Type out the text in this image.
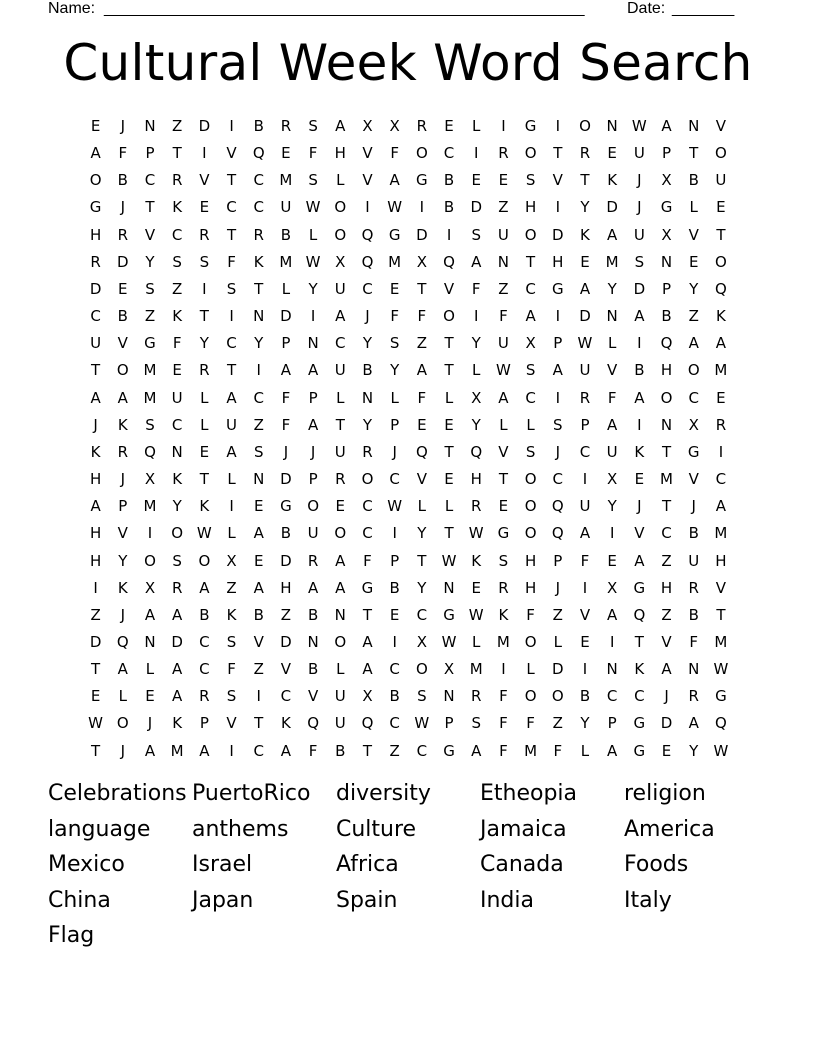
Name: ______________________________________________________	Date: _______
Cultural Week Word Search
E	J	N	Z	D	I	B	R	S	A	X	X	R	E	L	I	G	I	O	N W A	N	V
A	F	P	T	I	V	Q	E	F	H	V	F	O	C	I	R	O	T	R	E	U	P	T	O
O	B	C	R	V	T	C	M	S	L	V	A	G	B	E	E	S	V	T	K	J	X	B	U
G	J	T	K	E	C	C	U W O	I	W	I	B	D	Z	H	I	Y	D	J	G	L	E
H	R	V	C	R	T	R	B	L	O	Q	G	D	I	S	U	O	D	K	A	U	X	V	T
R	D	Y	S	S	F	K	M W X	Q M	X	Q	A	N	T	H	E	M	S	N	E	O
D	E	S	Z	I	S	T	L	Y	U	C	E	T	V	F	Z	C	G	A	Y	D	P	Y	Q
C	B	Z	K	T	I	N	D	I	A	J	F	F	O	I	F	A	I	D	N	A	B	Z	K
U	V	G	F	Y	C	Y	P	N	C	Y	S	Z	T	Y	U	X	P	W	L	I	Q	A	A
T	O M	E	R	T	I	A	A	U	B	Y	A	T	L	W	S	A	U	V	B	H	O M
A	A	M	U	L	A	C	F	P	L	N	L	F	L	X	A	C	I	R	F	A	O	C	E
J	K	S	C	L	U	Z	F	A	T	Y	P	E	E	Y	L	L	S	P	A	I	N	X	R
K	R	Q	N	E	A	S	J	J	U	R	J	Q	T	Q	V	S	J	C	U	K	T	G	I
H	J	X	K	T	L	N	D	P	R	O	C	V	E	H	T	O	C	I	X	E	M	V	C
A	P	M	Y	K	I	E	G	O	E	C W	L	L	R	E	O	Q	U	Y	J	T	J	A
H	V	I	O W	L	A	B	U	O	C	I	Y	T	W G	O	Q	A	I	V	C	B	M
H	Y	O	S	O	X	E	D	R	A	F	P	T	W K	S	H	P	F	E	A	Z	U	H
I	K	X	R	A	Z	A	H	A	A	G	B	Y	N	E	R	H	J	I	X	G	H	R	V
Z	J	A	A	B	K	B	Z	B	N	T	E	C	G W K	F	Z	V	A	Q	Z	B	T
D	Q	N	D	C	S	V	D	N	O	A	I	X W	L	M O	L	E	I	T	V	F	M
T	A	L	A	C	F	Z	V	B	L	A	C	O	X	M	I	L	D	I	N	K	A	N W
E	L	E	A	R	S	I	C	V	U	X	B	S	N	R	F	O	O	B	C	C	J	R	G
W O	J	K	P	V	T	K	Q	U	Q	C W	P	S	F	F	Z	Y	P	G	D	A	Q
T	J	A	M	A	I	C	A	F	B	T	Z	C	G	A	F	M	F	L	A	G	E	Y	W
Celebrations PuertoRico	diversity	Etheopia	religion
language	anthems	Culture	Jamaica	America
Mexico	Israel	Africa	Canada	Foods
China	Japan	Spain	India	Italy
Flag
